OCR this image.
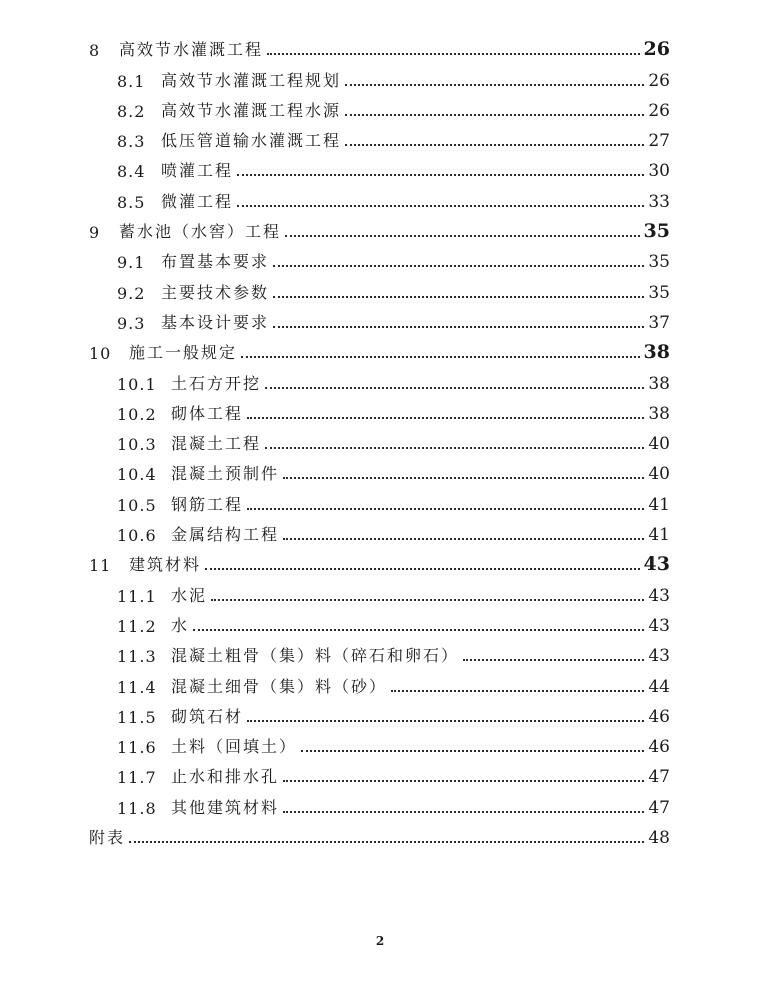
8	高效节水灌溉工程	26
8.1 高效节水灌溉工程规划	26
8.2 高效节水灌溉工程水源	26
8.3 低压管道输水灌溉工程	27
8.4 喷灌工程	30
8.5 微灌工程	33
9	蓄水池（水窖）工程	35
9.1 布置基本要求	35
9.2 主要技术参数	35
9.3 基本设计要求	37
10	施工一般规定	38
10.1 土石方开挖	38
10.2 砌体工程	38
10.3 混凝土工程	40
10.4 混凝土预制件	40
10.5 钢筋工程	41
10.6 金属结构工程	41
11	建筑材料	43
11.1 水泥	43
11.2 水	43
11.3 混凝土粗骨（集）料（碎石和卵石）	43
11.4 混凝土细骨（集）料（砂）	44
11.5 砌筑石材	46
11.6 土料（回填土）	46
11.7 止水和排水孔	47
11.8 其他建筑材料	47
附表	48
2
